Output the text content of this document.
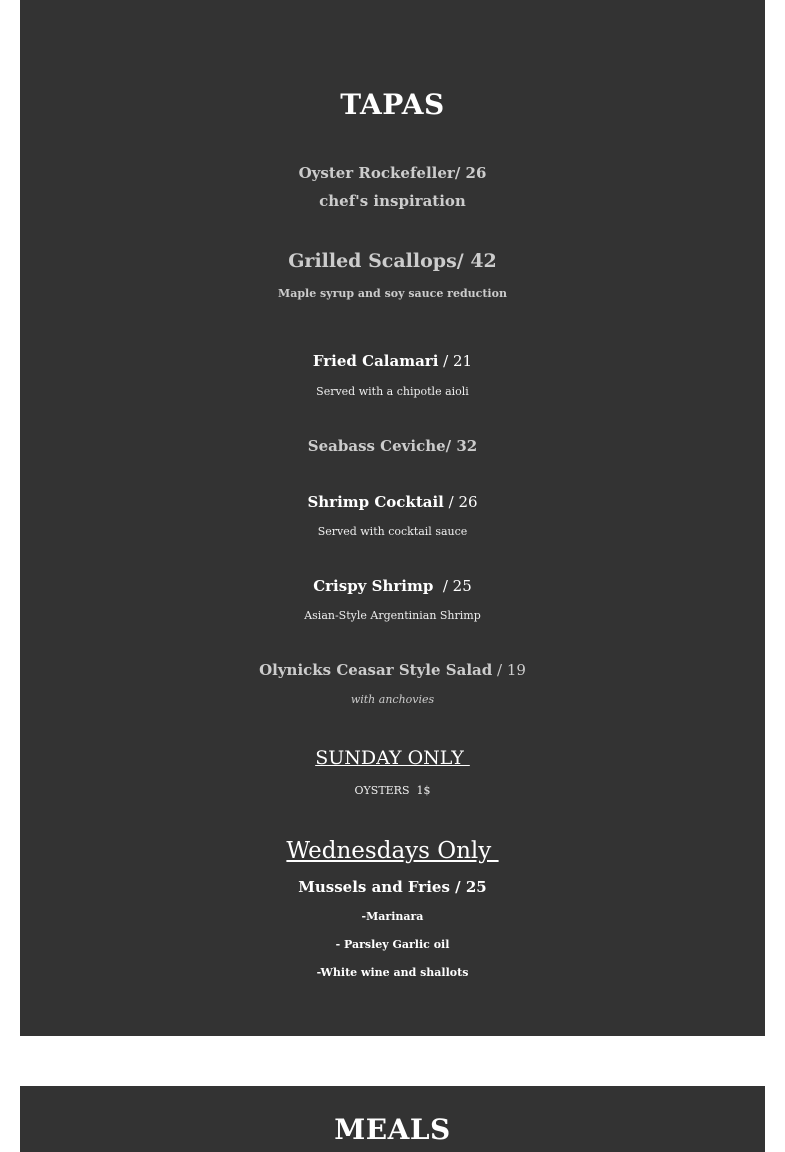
TAPAS
Oyster Rockefeller/ 26
chef's inspiration
Grilled Scallops/ 42
Maple syrup and soy sauce reduction
Fried Calamari / 21
Served with a chipotle aioli
Seabass Ceviche/ 32
Shrimp Cocktail / 26
Served with cocktail sauce
Crispy Shrimp  / 25
Asian-Style Argentinian Shrimp
Olynicks Ceasar Style Salad / 19
with anchovies
SUNDAY ONLY
OYSTERS  1$
Wednesdays Only
Mussels and Fries / 25
-Marinara
- Parsley Garlic oil
-White wine and shallots
MEALS
